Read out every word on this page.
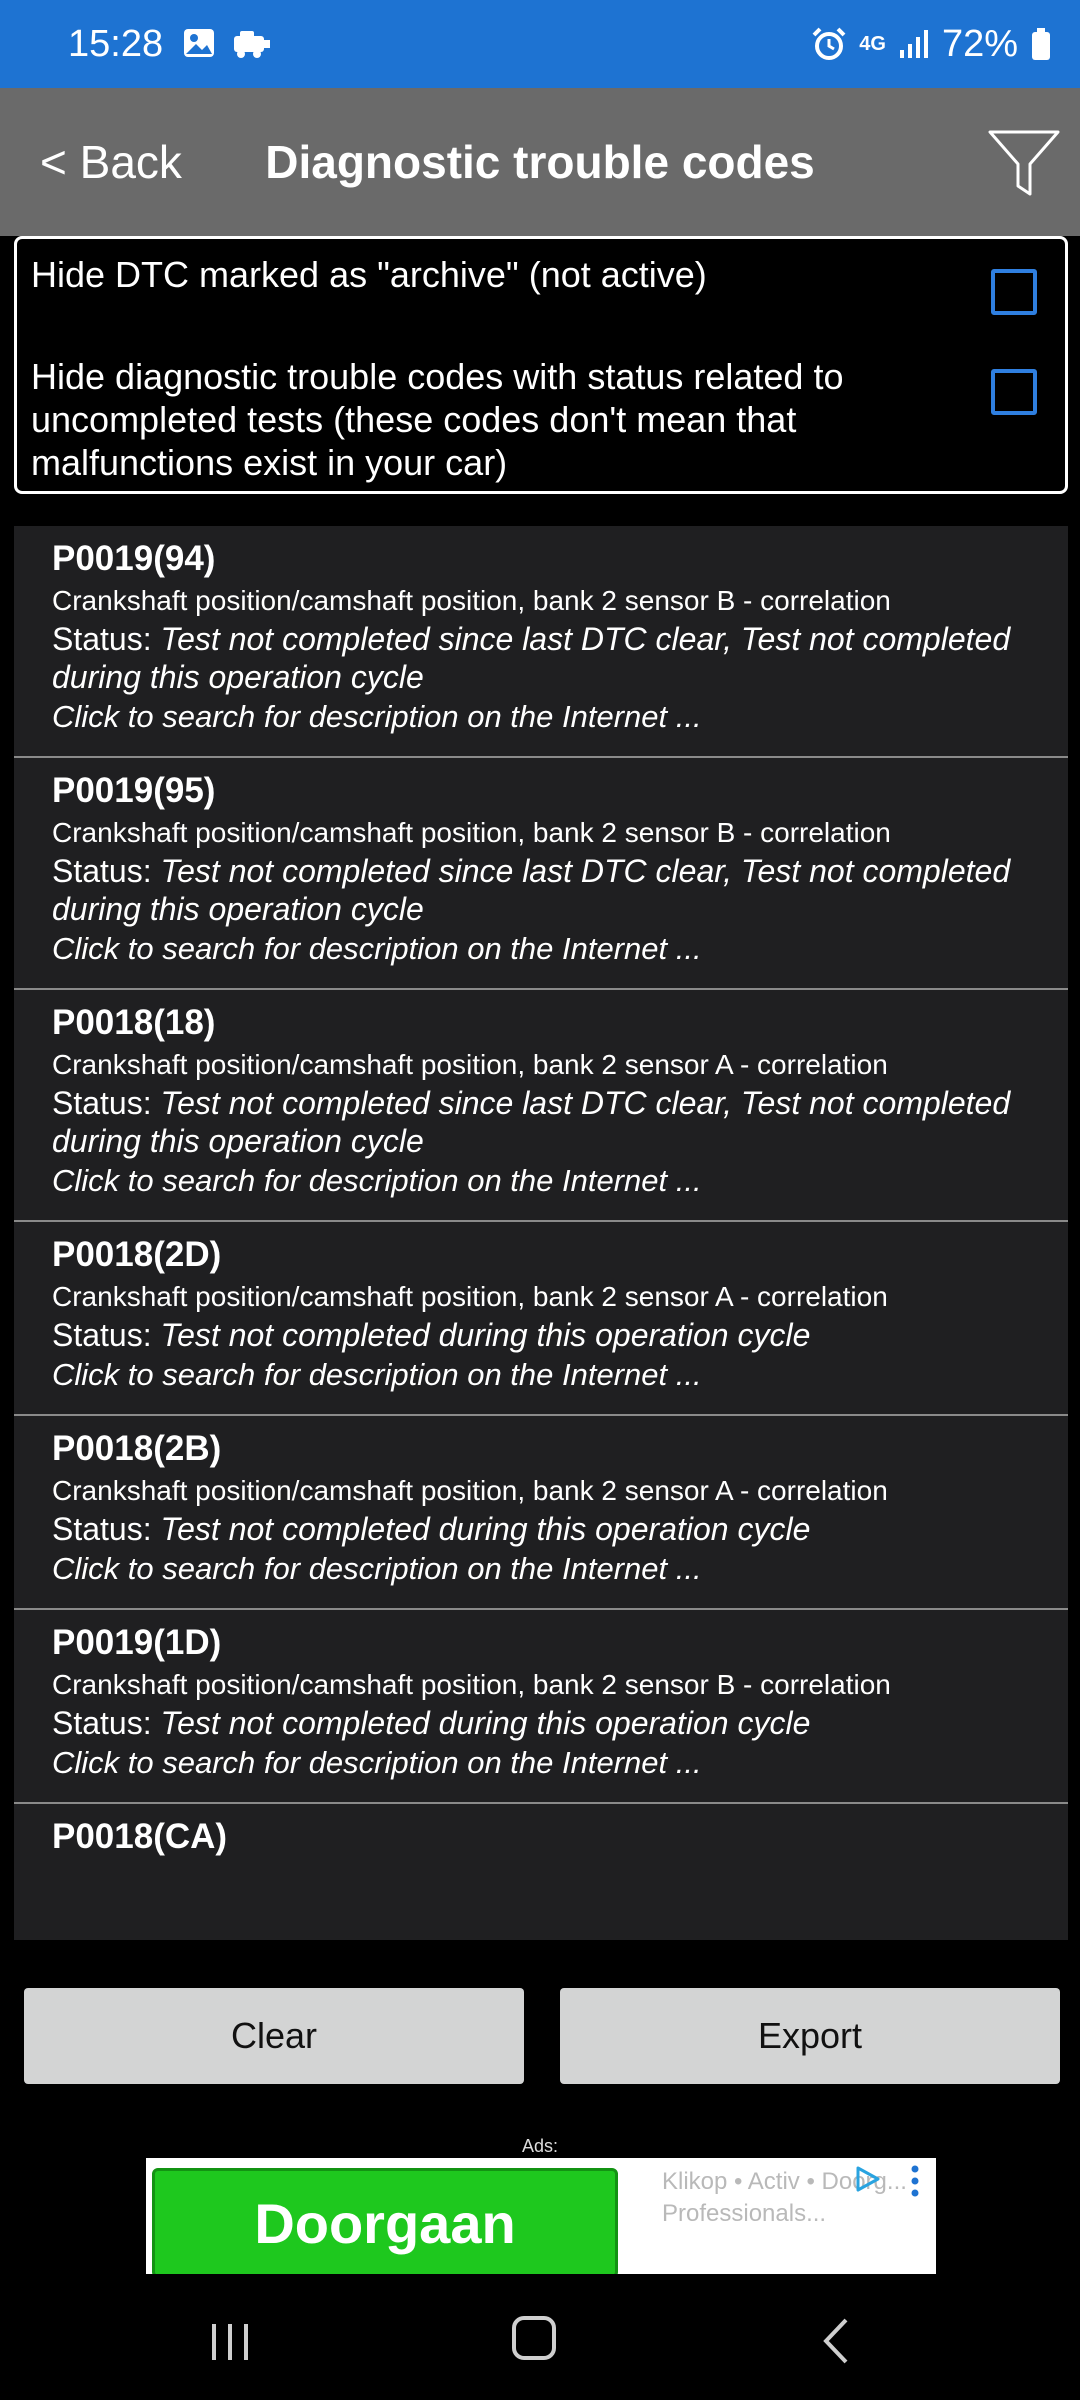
15:28	4G 72%
< Back	Diagnostic trouble codes
Hide DTC marked as "archive" (not active)
Hide diagnostic trouble codes with status related to uncompleted tests (these codes don't mean that malfunctions exist in your car)
P0019(94)
Crankshaft position/camshaft position, bank 2 sensor B - correlation
Status: Test not completed since last DTC clear, Test not completed during this operation cycle
Click to search for description on the Internet ...
P0019(95)
Crankshaft position/camshaft position, bank 2 sensor B - correlation
Status: Test not completed since last DTC clear, Test not completed during this operation cycle
Click to search for description on the Internet ...
P0018(18)
Crankshaft position/camshaft position, bank 2 sensor A - correlation
Status: Test not completed since last DTC clear, Test not completed during this operation cycle
Click to search for description on the Internet ...
P0018(2D)
Crankshaft position/camshaft position, bank 2 sensor A - correlation
Status: Test not completed during this operation cycle
Click to search for description on the Internet ...
P0018(2B)
Crankshaft position/camshaft position, bank 2 sensor A - correlation
Status: Test not completed during this operation cycle
Click to search for description on the Internet ...
P0019(1D)
Crankshaft position/camshaft position, bank 2 sensor B - correlation
Status: Test not completed during this operation cycle
Click to search for description on the Internet ...
P0018(CA)
Clear	Export
Ads:
Doorgaan
Klikop • Activ • Doorg... Professionals...
